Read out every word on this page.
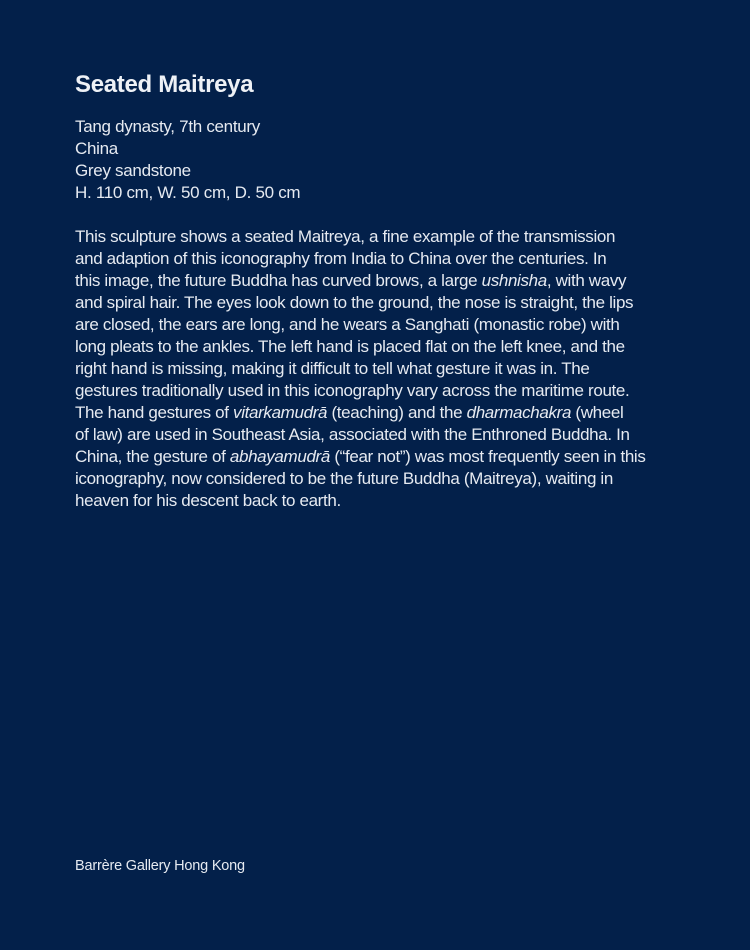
Seated Maitreya
Tang dynasty, 7th century
China
Grey sandstone
H. 110 cm, W. 50 cm, D. 50 cm
This sculpture shows a seated Maitreya, a fine example of the transmission
and adaption of this iconography from India to China over the centuries. In
this image, the future Buddha has curved brows, a large ushnisha, with wavy
and spiral hair. The eyes look down to the ground, the nose is straight, the lips
are closed, the ears are long, and he wears a Sanghati (monastic robe) with
long pleats to the ankles. The left hand is placed flat on the left knee, and the
right hand is missing, making it difficult to tell what gesture it was in. The
gestures traditionally used in this iconography vary across the maritime route.
The hand gestures of vitarkamudrā (teaching) and the dharmachakra (wheel
of law) are used in Southeast Asia, associated with the Enthroned Buddha. In
China, the gesture of abhayamudrā (“fear not”) was most frequently seen in this
iconography, now considered to be the future Buddha (Maitreya), waiting in
heaven for his descent back to earth.
Barrère Gallery Hong Kong
